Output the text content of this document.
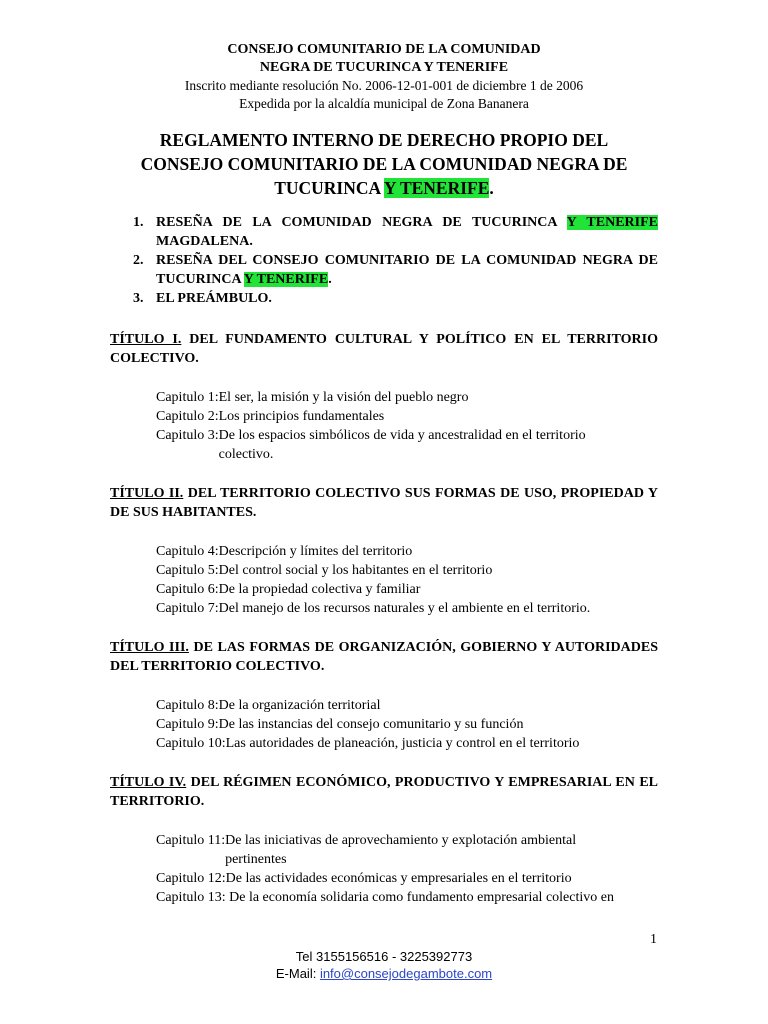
CONSEJO COMUNITARIO DE LA COMUNIDAD
NEGRA DE TUCURINCA Y TENERIFE
Inscrito mediante resolución No. 2006-12-01-001 de diciembre 1 de 2006
Expedida por la alcaldía municipal de Zona Bananera
REGLAMENTO INTERNO DE DERECHO PROPIO DEL CONSEJO COMUNITARIO DE LA COMUNIDAD NEGRA DE TUCURINCA Y TENERIFE.
1. RESEÑA DE LA COMUNIDAD NEGRA DE TUCURINCA Y TENERIFE MAGDALENA.
2. RESEÑA DEL CONSEJO COMUNITARIO DE LA COMUNIDAD NEGRA DE TUCURINCA Y TENERIFE.
3. EL PREÁMBULO.
TÍTULO I. DEL FUNDAMENTO CULTURAL Y POLÍTICO EN EL TERRITORIO COLECTIVO.
Capitulo 1: El ser, la misión y la visión del pueblo negro
Capitulo 2: Los principios fundamentales
Capitulo 3: De los espacios simbólicos de vida y ancestralidad en el territorio colectivo.
TÍTULO II. DEL TERRITORIO COLECTIVO SUS FORMAS DE USO, PROPIEDAD Y DE SUS HABITANTES.
Capitulo 4: Descripción y límites del territorio
Capitulo 5: Del control social y los habitantes en el territorio
Capitulo 6: De la propiedad colectiva y familiar
Capitulo 7: Del manejo de los recursos naturales y el ambiente en el territorio.
TÍTULO III. DE LAS FORMAS DE ORGANIZACIÓN, GOBIERNO Y AUTORIDADES DEL TERRITORIO COLECTIVO.
Capitulo 8: De la organización territorial
Capitulo 9: De las instancias del consejo comunitario y su función
Capitulo 10: Las autoridades de planeación, justicia y control en el territorio
TÍTULO IV. DEL RÉGIMEN ECONÓMICO, PRODUCTIVO Y EMPRESARIAL EN EL TERRITORIO.
Capitulo 11: De las iniciativas de aprovechamiento y explotación ambiental pertinentes
Capitulo 12: De las actividades económicas y empresariales en el territorio
Capitulo 13: De la economía solidaria como fundamento empresarial colectivo en
1
Tel 3155156516 - 3225392773
E-Mail: info@consejodegambote.com
